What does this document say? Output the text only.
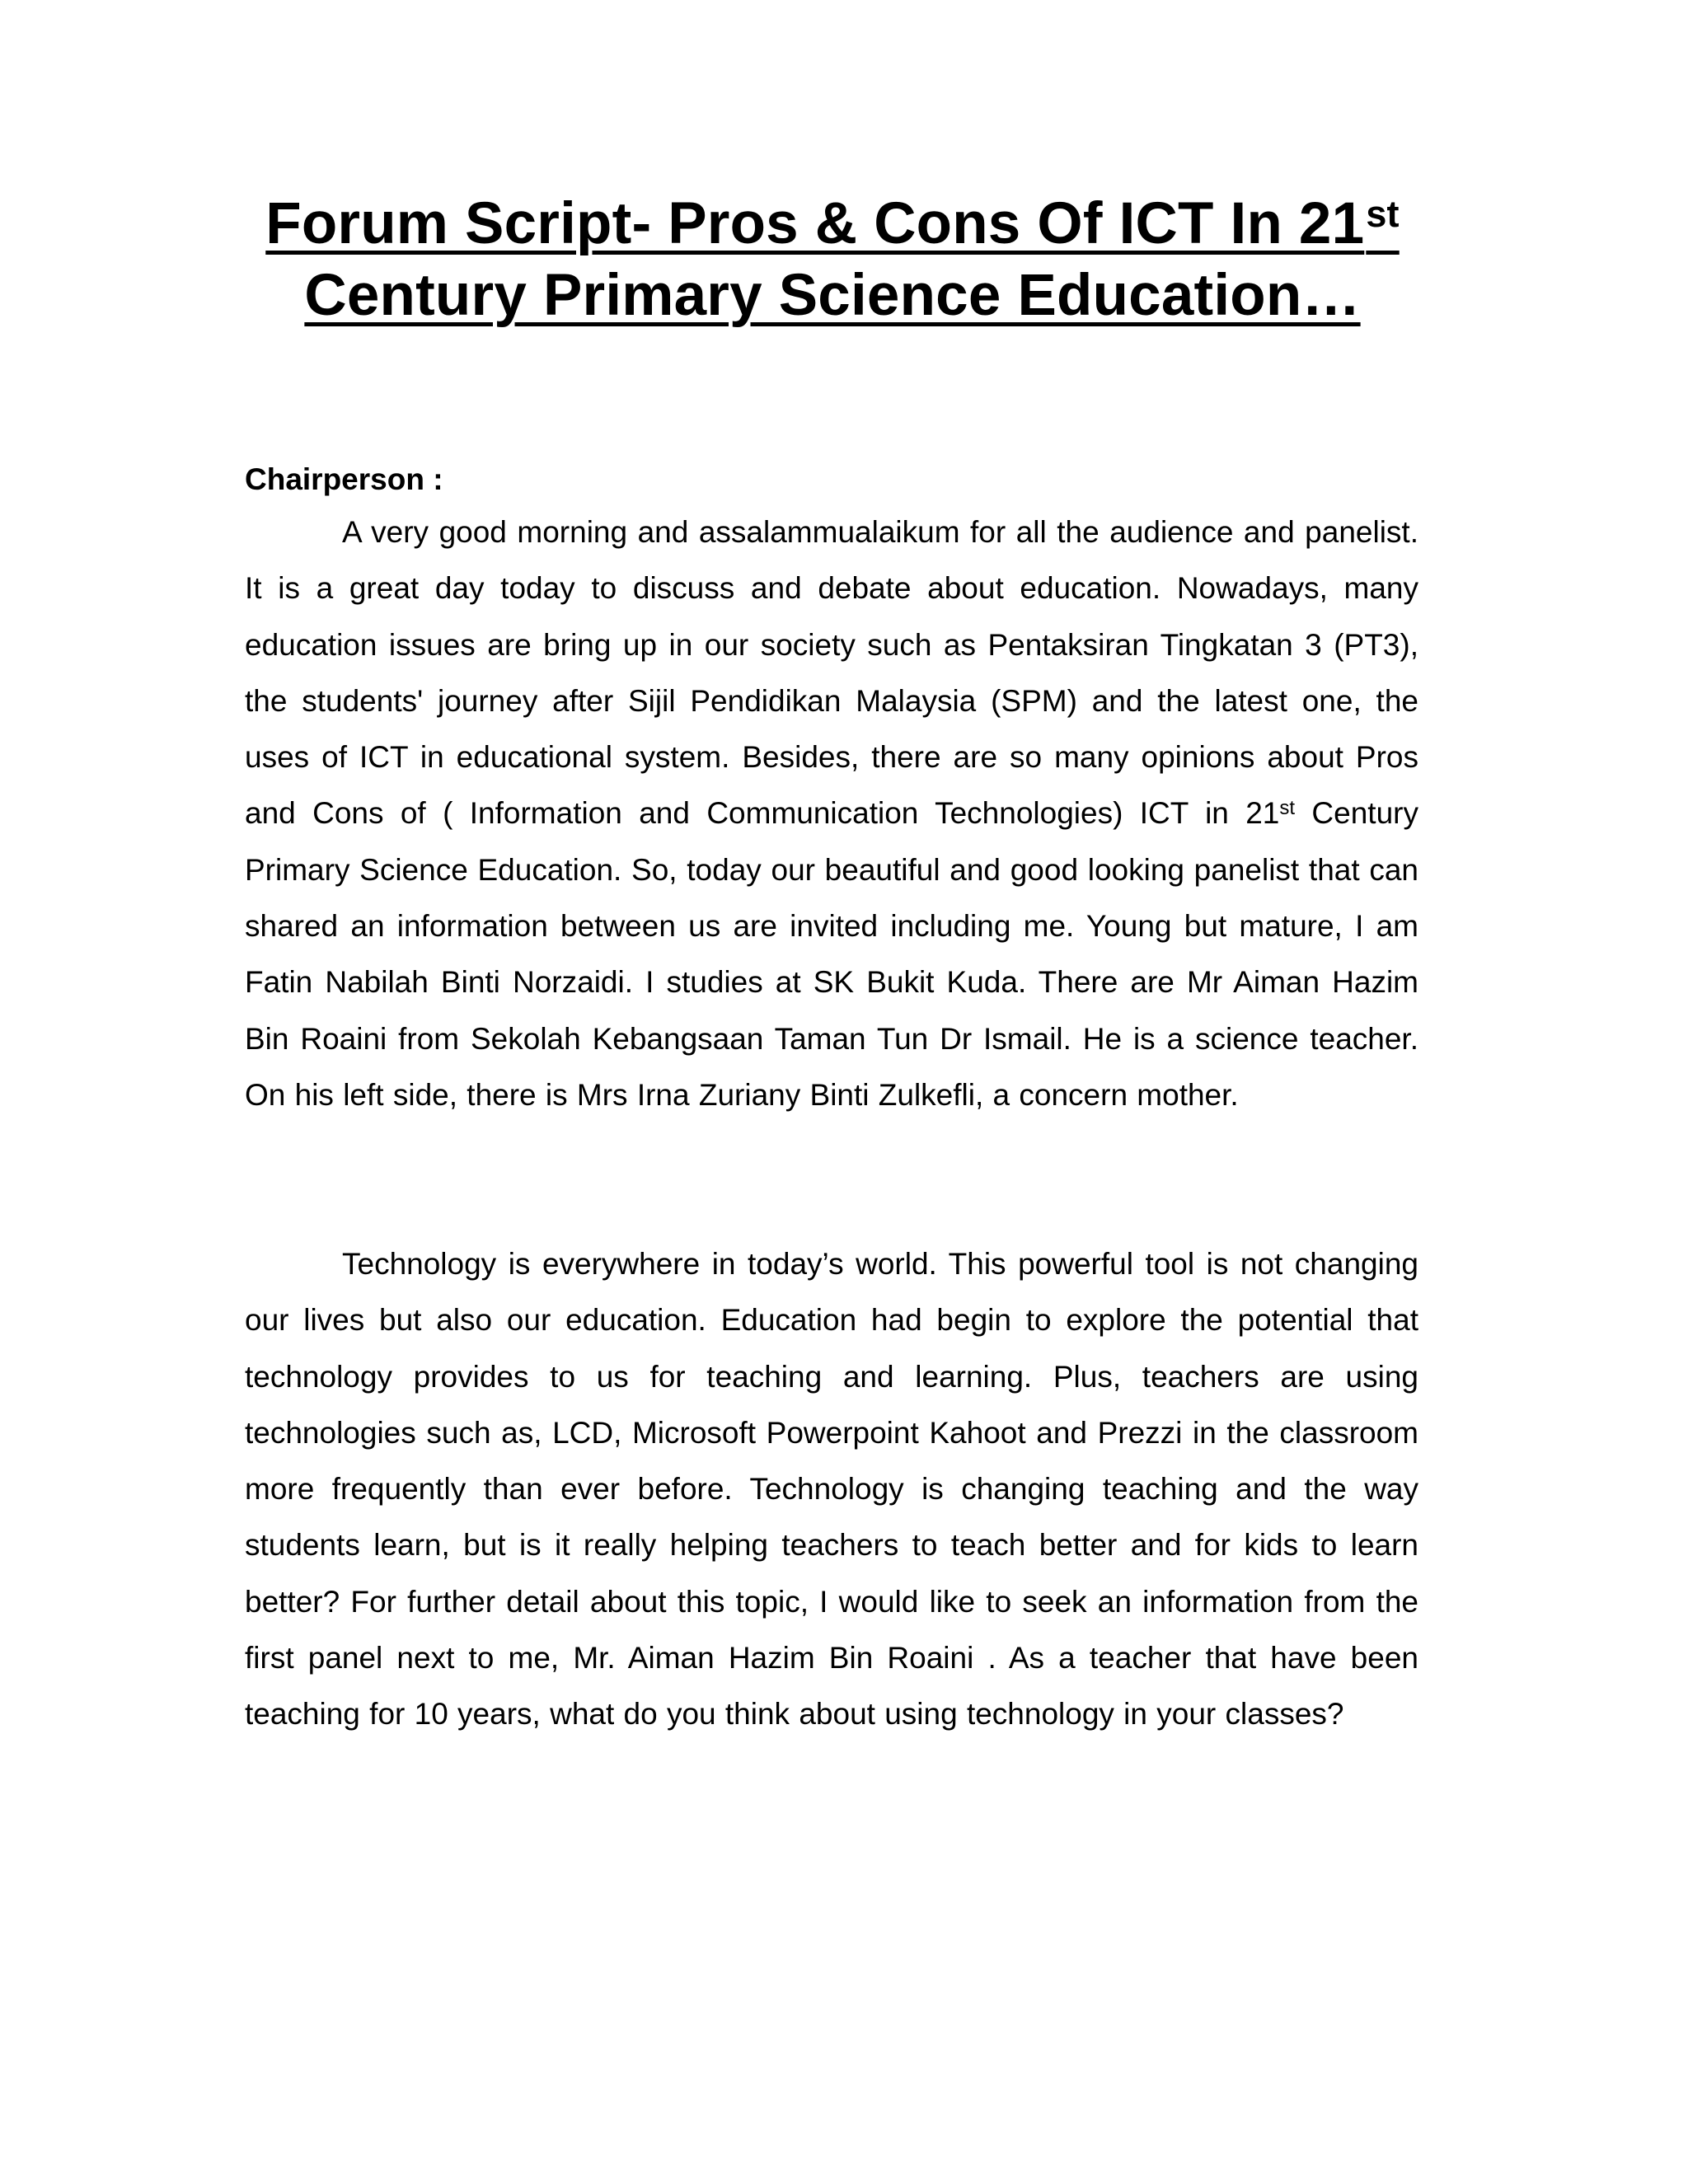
Forum Script- Pros & Cons Of ICT In 21st
Century Primary Science Education…
Chairperson :

A very good morning and assalammualaikum for all the audience and panelist. It is a great day today to discuss and debate about education. Nowadays, many education issues are bring up in our society such as Pentaksiran Tingkatan 3 (PT3), the students' journey after Sijil Pendidikan Malaysia (SPM) and the latest one, the uses of ICT in educational system. Besides, there are so many opinions about Pros and Cons of ( Information and Communication Technologies) ICT in 21st Century Primary Science Education. So, today our beautiful and good looking panelist that can shared an information between us are invited including me. Young but mature, I am Fatin Nabilah Binti Norzaidi. I studies at SK Bukit Kuda. There are Mr Aiman Hazim Bin Roaini from Sekolah Kebangsaan Taman Tun Dr Ismail. He is a science teacher. On his left side, there is Mrs Irna Zuriany Binti Zulkefli, a concern mother.

Technology is everywhere in today’s world. This powerful tool is not changing our lives but also our education. Education had begin to explore the potential that technology provides to us for teaching and learning. Plus, teachers are using technologies such as, LCD, Microsoft Powerpoint Kahoot and Prezzi in the classroom more frequently than ever before. Technology is changing teaching and the way students learn, but is it really helping teachers to teach better and for kids to learn better? For further detail about this topic, I would like to seek an information from the first panel next to me, Mr. Aiman Hazim Bin Roaini . As a teacher that have been teaching for 10 years, what do you think about using technology in your classes?
